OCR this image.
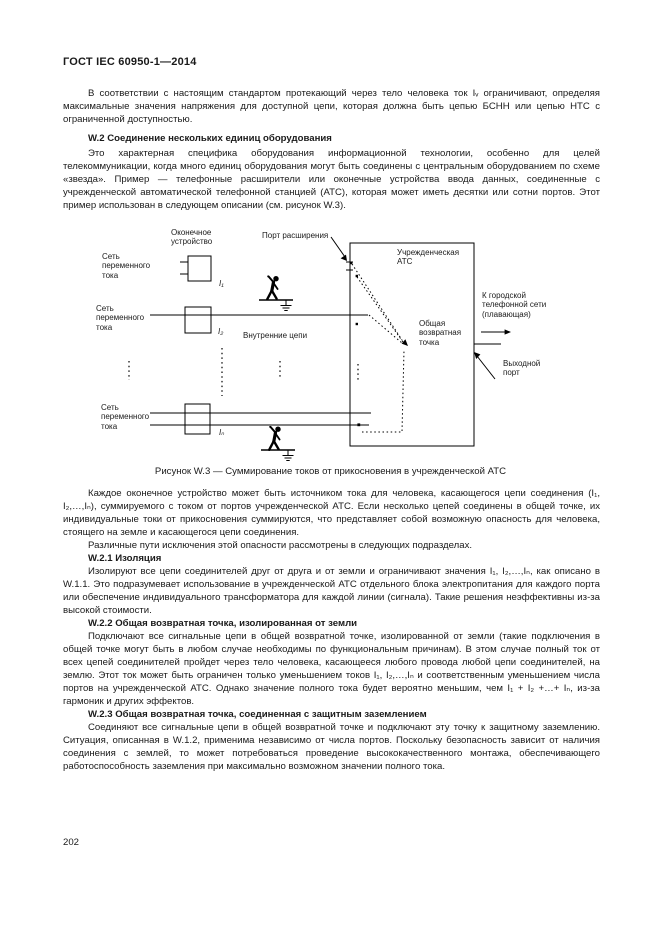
ГОСТ IEC 60950-1—2014

В соответствии с настоящим стандартом протекающий через тело человека ток Iᵥ ограничивают, определяя максимальные значения напряжения для доступной цепи, которая должна быть цепью БСНН или цепью НТС с ограниченной доступностью.

W.2 Соединение нескольких единиц оборудования

Это характерная специфика оборудования информационной технологии, особенно для целей телекоммуникации, когда много единиц оборудования могут быть соединены с центральным оборудованием по схеме «звезда». Пример — телефонные расширители или оконечные устройства ввода данных, соединенные с учрежденческой автоматической телефонной станцией (АТС), которая может иметь десятки или сотни портов. Этот пример использован в следующем описании (см. рисунок W.3).

Оконечное устройство
Порт расширения
Сеть переменного тока
Сеть переменного тока
Сеть переменного тока
Внутренние цепи
Учрежденческая АТС
Общая возвратная точка
К городской телефонной сети (плавающая)
Выходной порт
I₁
I₂
Iₙ
Рисунок W.3 — Суммирование токов от прикосновения в учрежденческой АТС

Каждое оконечное устройство может быть источником тока для человека, касающегося цепи соединения (I₁, I₂,…,Iₙ), суммируемого с током от портов учрежденческой АТС. Если несколько цепей соединены в общей точке, их индивидуальные токи от прикосновения суммируются, что представляет собой возможную опасность для человека, стоящего на земле и касающегося цепи соединения.

Различные пути исключения этой опасности рассмотрены в следующих подразделах.

W.2.1 Изоляция

Изолируют все цепи соединителей друг от друга и от земли и ограничивают значения I₁, I₂,…,Iₙ, как описано в W.1.1. Это подразумевает использование в учрежденческой АТС отдельного блока электропитания для каждого порта или обеспечение индивидуального трансформатора для каждой линии (сигнала). Такие решения неэффективны из-за высокой стоимости.

W.2.2 Общая возвратная точка, изолированная от земли

Подключают все сигнальные цепи в общей возвратной точке, изолированной от земли (такие подключения в общей точке могут быть в любом случае необходимы по функциональным причинам). В этом случае полный ток от всех цепей соединителей пройдет через тело человека, касающееся любого провода любой цепи соединителей, на землю. Этот ток может быть ограничен только уменьшением токов I₁, I₂,…,Iₙ и соответственным уменьшением числа портов на учрежденческой АТС. Однако значение полного тока будет вероятно меньшим, чем I₁ + I₂ +…+ Iₙ, из-за гармоник и других эффектов.

W.2.3 Общая возвратная точка, соединенная с защитным заземлением

Соединяют все сигнальные цепи в общей возвратной точке и подключают эту точку к защитному заземлению. Ситуация, описанная в W.1.2, применима независимо от числа портов. Поскольку безопасность зависит от наличия соединения с землей, то может потребоваться проведение высококачественного монтажа, обеспечивающего работоспособность заземления при максимально возможном значении полного тока.

202
